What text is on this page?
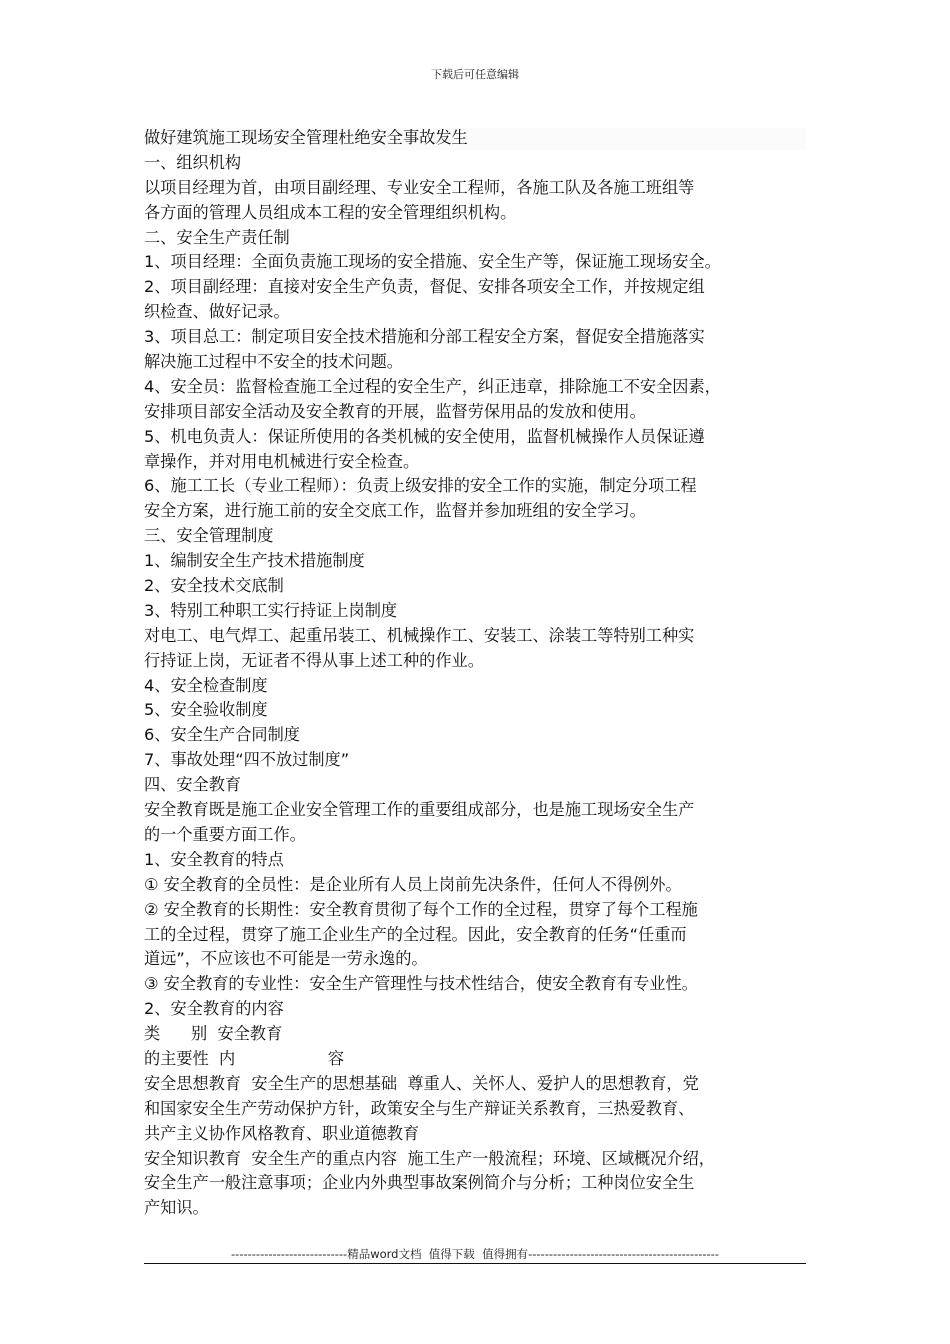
下载后可任意编辑
做好建筑施工现场安全管理杜绝安全事故发生
一、组织机构
以项目经理为首，由项目副经理、专业安全工程师，各施工队及各施工班组等
各方面的管理人员组成本工程的安全管理组织机构。
二、安全生产责任制
1、项目经理：全面负责施工现场的安全措施、安全生产等，保证施工现场安全。
2、项目副经理：直接对安全生产负责，督促、安排各项安全工作，并按规定组
织检查、做好记录。
3、项目总工：制定项目安全技术措施和分部工程安全方案，督促安全措施落实
解决施工过程中不安全的技术问题。
4、安全员：监督检查施工全过程的安全生产，纠正违章，排除施工不安全因素，
安排项目部安全活动及安全教育的开展，监督劳保用品的发放和使用。
5、机电负责人：保证所使用的各类机械的安全使用，监督机械操作人员保证遵
章操作，并对用电机械进行安全检查。
6、施工工长（专业工程师）：负责上级安排的安全工作的实施，制定分项工程
安全方案，进行施工前的安全交底工作，监督并参加班组的安全学习。
三、安全管理制度
1、编制安全生产技术措施制度
2、安全技术交底制
3、特别工种职工实行持证上岗制度
对电工、电气焊工、起重吊装工、机械操作工、安装工、涂装工等特别工种实
行持证上岗，无证者不得从事上述工种的作业。
4、安全检查制度
5、安全验收制度
6、安全生产合同制度
7、事故处理“四不放过制度”
四、安全教育
安全教育既是施工企业安全管理工作的重要组成部分，也是施工现场安全生产
的一个重要方面工作。
1、安全教育的特点
① 安全教育的全员性：是企业所有人员上岗前先决条件，任何人不得例外。
② 安全教育的长期性：安全教育贯彻了每个工作的全过程，贯穿了每个工程施
工的全过程，贯穿了施工企业生产的全过程。因此，安全教育的任务“任重而
道远”，不应该也不可能是一劳永逸的。
③ 安全教育的专业性：安全生产管理性与技术性结合，使安全教育有专业性。
2、安全教育的内容
类      别  安全教育
的主要性  内                  容
安全思想教育  安全生产的思想基础  尊重人、关怀人、爱护人的思想教育，党
和国家安全生产劳动保护方针，政策安全与生产辩证关系教育，三热爱教育、
共产主义协作风格教育、职业道德教育
安全知识教育  安全生产的重点内容  施工生产一般流程；环境、区域概况介绍，
安全生产一般注意事项；企业内外典型事故案例简介与分析；工种岗位安全生
产知识。
----------------------------精品word文档  值得下载  值得拥有----------------------------------------------
